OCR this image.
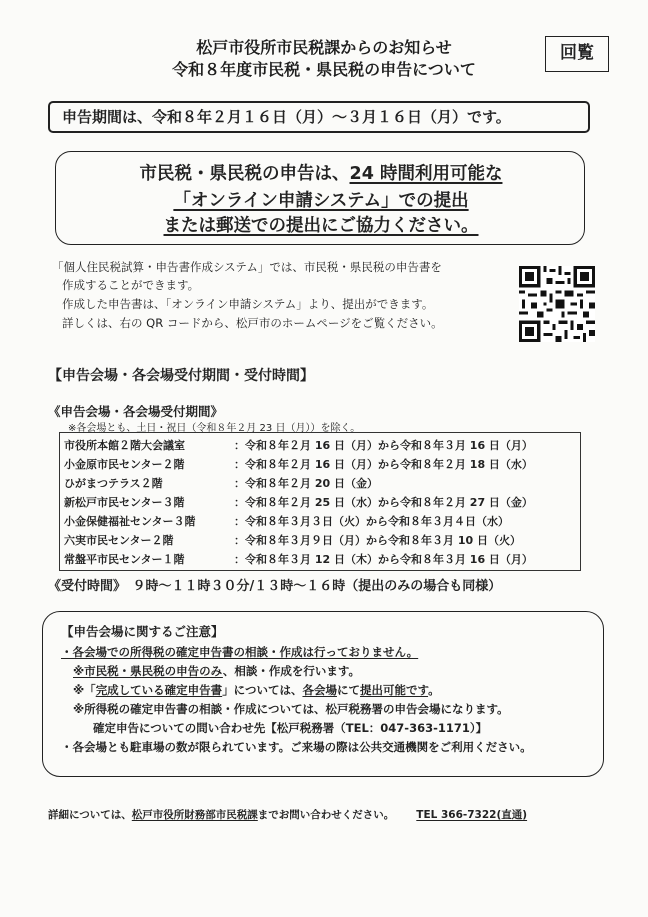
松戸市役所市民税課からのお知らせ
令和８年度市民税・県民税の申告について
回覧
申告期間は、令和８年２月１６日（月）～３月１６日（月）です。
市民税・県民税の申告は、24 時間利用可能な
「オンライン申請システム」での提出
または郵送での提出にご協力ください。
「個人住民税試算・申告書作成システム」では、市民税・県民税の申告書を
作成することができます。
作成した申告書は、「オンライン申請システム」より、提出ができます。
詳しくは、右の QR コードから、松戸市のホームページをご覧ください。
【申告会場・各会場受付期間・受付時間】
《申告会場・各会場受付期間》
※各会場とも、土日・祝日（令和８年２月 23 日（月））を除く。
市役所本館２階大会議室	：令和８年２月 16 日（月）から令和８年３月 16 日（月）
小金原市民センター２階	：令和８年２月 16 日（月）から令和８年２月 18 日（水）
ひがまつテラス２階	：令和８年２月 20 日（金）
新松戸市民センター３階	：令和８年２月 25 日（水）から令和８年２月 27 日（金）
小金保健福祉センター３階	：令和８年３月３日（火）から令和８年３月４日（水）
六実市民センター２階	：令和８年３月９日（月）から令和８年３月 10 日（火）
常盤平市民センター１階	：令和８年３月 12 日（木）から令和８年３月 16 日（月）
《受付時間》　９時～１１時３０分/１３時～１６時（提出のみの場合も同様）
【申告会場に関するご注意】
・各会場での所得税の確定申告書の相談・作成は行っておりません。
※市民税・県民税の申告のみ、相談・作成を行います。
※「完成している確定申告書」については、各会場にて提出可能です。
※所得税の確定申告書の相談・作成については、松戸税務署の申告会場になります。
確定申告についての問い合わせ先【松戸税務署（TEL：047-363-1171）】
・各会場とも駐車場の数が限られています。ご来場の際は公共交通機関をご利用ください。
詳細については、松戸市役所財務部市民税課までお問い合わせください。 TEL 366-7322(直通)
